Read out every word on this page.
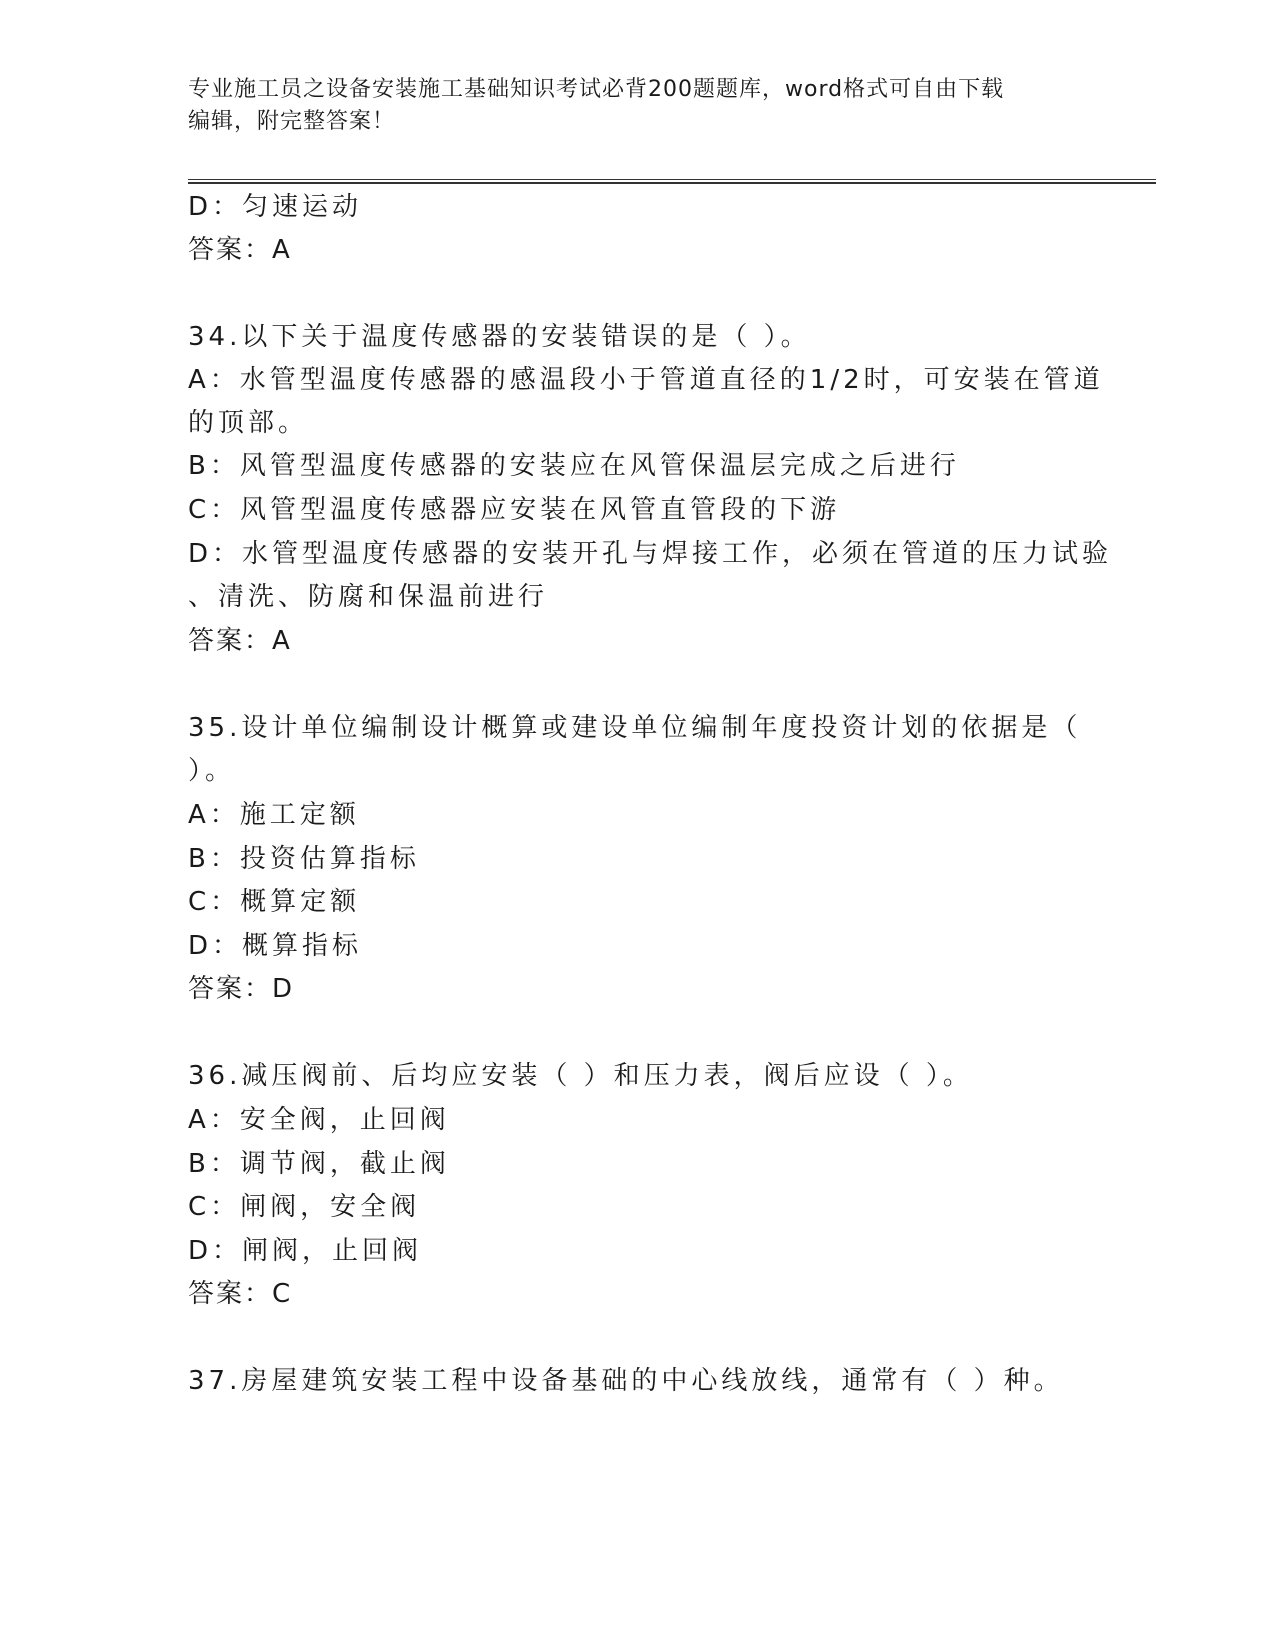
专业施工员之设备安装施工基础知识考试必背200题题库，word格式可自由下载
编辑，附完整答案！
D：匀速运动
答案：A
34.以下关于温度传感器的安装错误的是（ ）。
A：水管型温度传感器的感温段小于管道直径的1/2时，可安装在管道
的顶部。
B：风管型温度传感器的安装应在风管保温层完成之后进行
C：风管型温度传感器应安装在风管直管段的下游
D：水管型温度传感器的安装开孔与焊接工作，必须在管道的压力试验
、清洗、防腐和保温前进行
答案：A
35.设计单位编制设计概算或建设单位编制年度投资计划的依据是（
）。
A：施工定额
B：投资估算指标
C：概算定额
D：概算指标
答案：D
36.减压阀前、后均应安装（ ）和压力表，阀后应设（ ）。
A：安全阀，止回阀
B：调节阀，截止阀
C：闸阀，安全阀
D：闸阀，止回阀
答案：C
37.房屋建筑安装工程中设备基础的中心线放线，通常有（ ）种。
